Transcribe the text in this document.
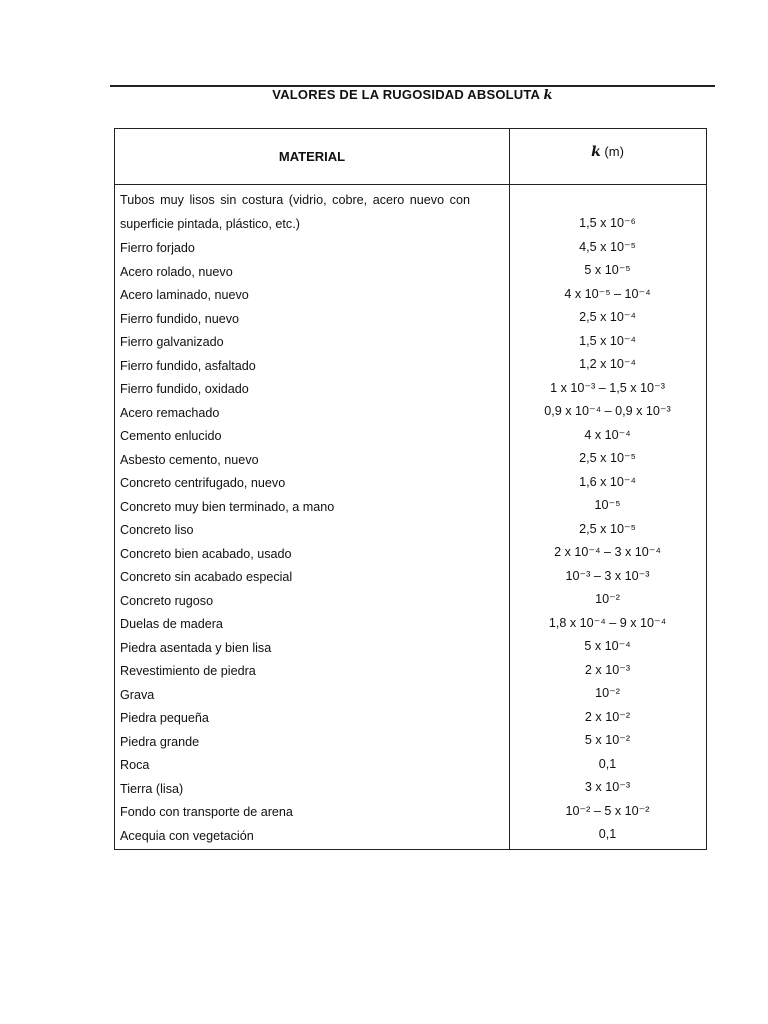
VALORES DE LA RUGOSIDAD ABSOLUTA k
MATERIAL	k (m)
Tubos muy lisos sin costura (vidrio, cobre, acero nuevo con superficie pintada, plástico, etc.)	1,5 x 10⁻⁶
Fierro forjado	4,5 x 10⁻⁵
Acero rolado, nuevo	5 x 10⁻⁵
Acero laminado, nuevo	4 x 10⁻⁵ – 10⁻⁴
Fierro fundido, nuevo	2,5 x 10⁻⁴
Fierro galvanizado	1,5 x 10⁻⁴
Fierro fundido, asfaltado	1,2 x 10⁻⁴
Fierro fundido, oxidado	1 x 10⁻³ – 1,5 x 10⁻³
Acero remachado	0,9 x 10⁻⁴ – 0,9 x 10⁻³
Cemento enlucido	4 x 10⁻⁴
Asbesto cemento, nuevo	2,5 x 10⁻⁵
Concreto centrifugado, nuevo	1,6 x 10⁻⁴
Concreto muy bien terminado, a mano	10⁻⁵
Concreto liso	2,5 x 10⁻⁵
Concreto bien acabado, usado	2 x 10⁻⁴ – 3 x 10⁻⁴
Concreto sin acabado especial	10⁻³ – 3 x 10⁻³
Concreto rugoso	10⁻²
Duelas de madera	1,8 x 10⁻⁴ – 9 x 10⁻⁴
Piedra asentada y bien lisa	5 x 10⁻⁴
Revestimiento de piedra	2 x 10⁻³
Grava	10⁻²
Piedra pequeña	2 x 10⁻²
Piedra grande	5 x 10⁻²
Roca	0,1
Tierra (lisa)	3 x 10⁻³
Fondo con transporte de arena	10⁻² – 5 x 10⁻²
Acequia con vegetación	0,1
